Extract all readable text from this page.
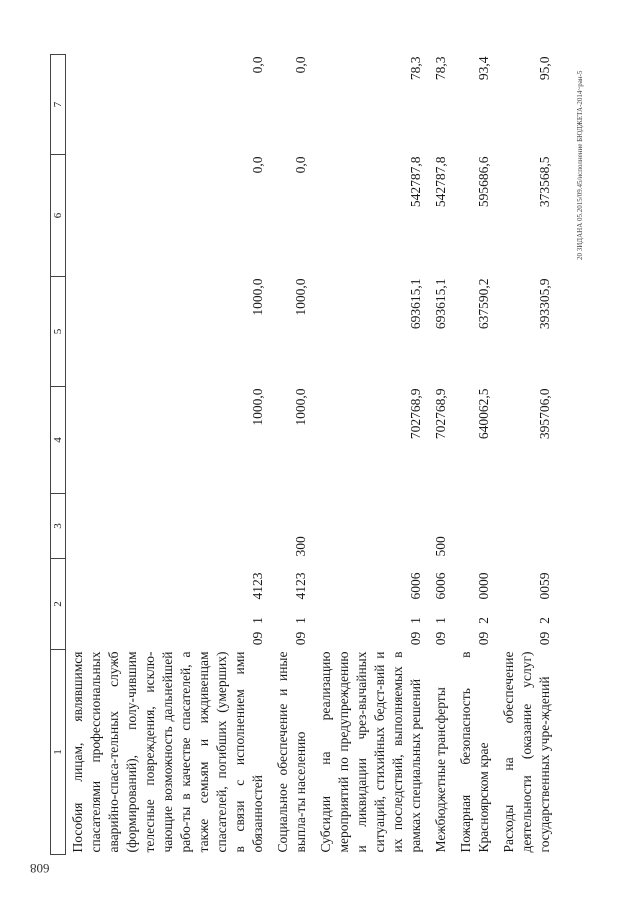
1	2			3	4	5	6	7
Пособия лицам, являвшимся спасателями профессиональных аварийно-спаса-тельных служб (формирований), полу-чившим телесные повреждения, исклю-чающие возможность дальнейшей рабо-ты в качестве спасателей, а также семьям и иждивенцам спасателей, погибших (умерших) в связи с исполнением ими обязанностей	09	1	4123		1000,0	1000,0	0,0	0,0
Социальное обеспечение и иные выпла-ты населению	09	1	4123	300	1000,0	1000,0	0,0	0,0
Субсидии на реализацию мероприятий по предупреждению и ликвидации чрез-вычайных ситуаций, стихийных бедст-вий и их последствий, выполняемых в рамках специальных решений	09	1	6006		702768,9	693615,1	542787,8	78,3
Межбюджетные трансферты	09	1	6006	500	702768,9	693615,1	542787,8	78,3
Пожарная безопасность в Красноярском крае	09	2	0000		640062,5	637590,2	595686,6	93,4
Расходы на обеспечение деятельности (оказание услуг) государственных учре-ждений	09	2	0059		395706,0	393305,9	373568,5	95,0
20 ЗИДАНА 05.2015/09.45/исполнение БЮДЖЕТА-2014~ран-5
608
